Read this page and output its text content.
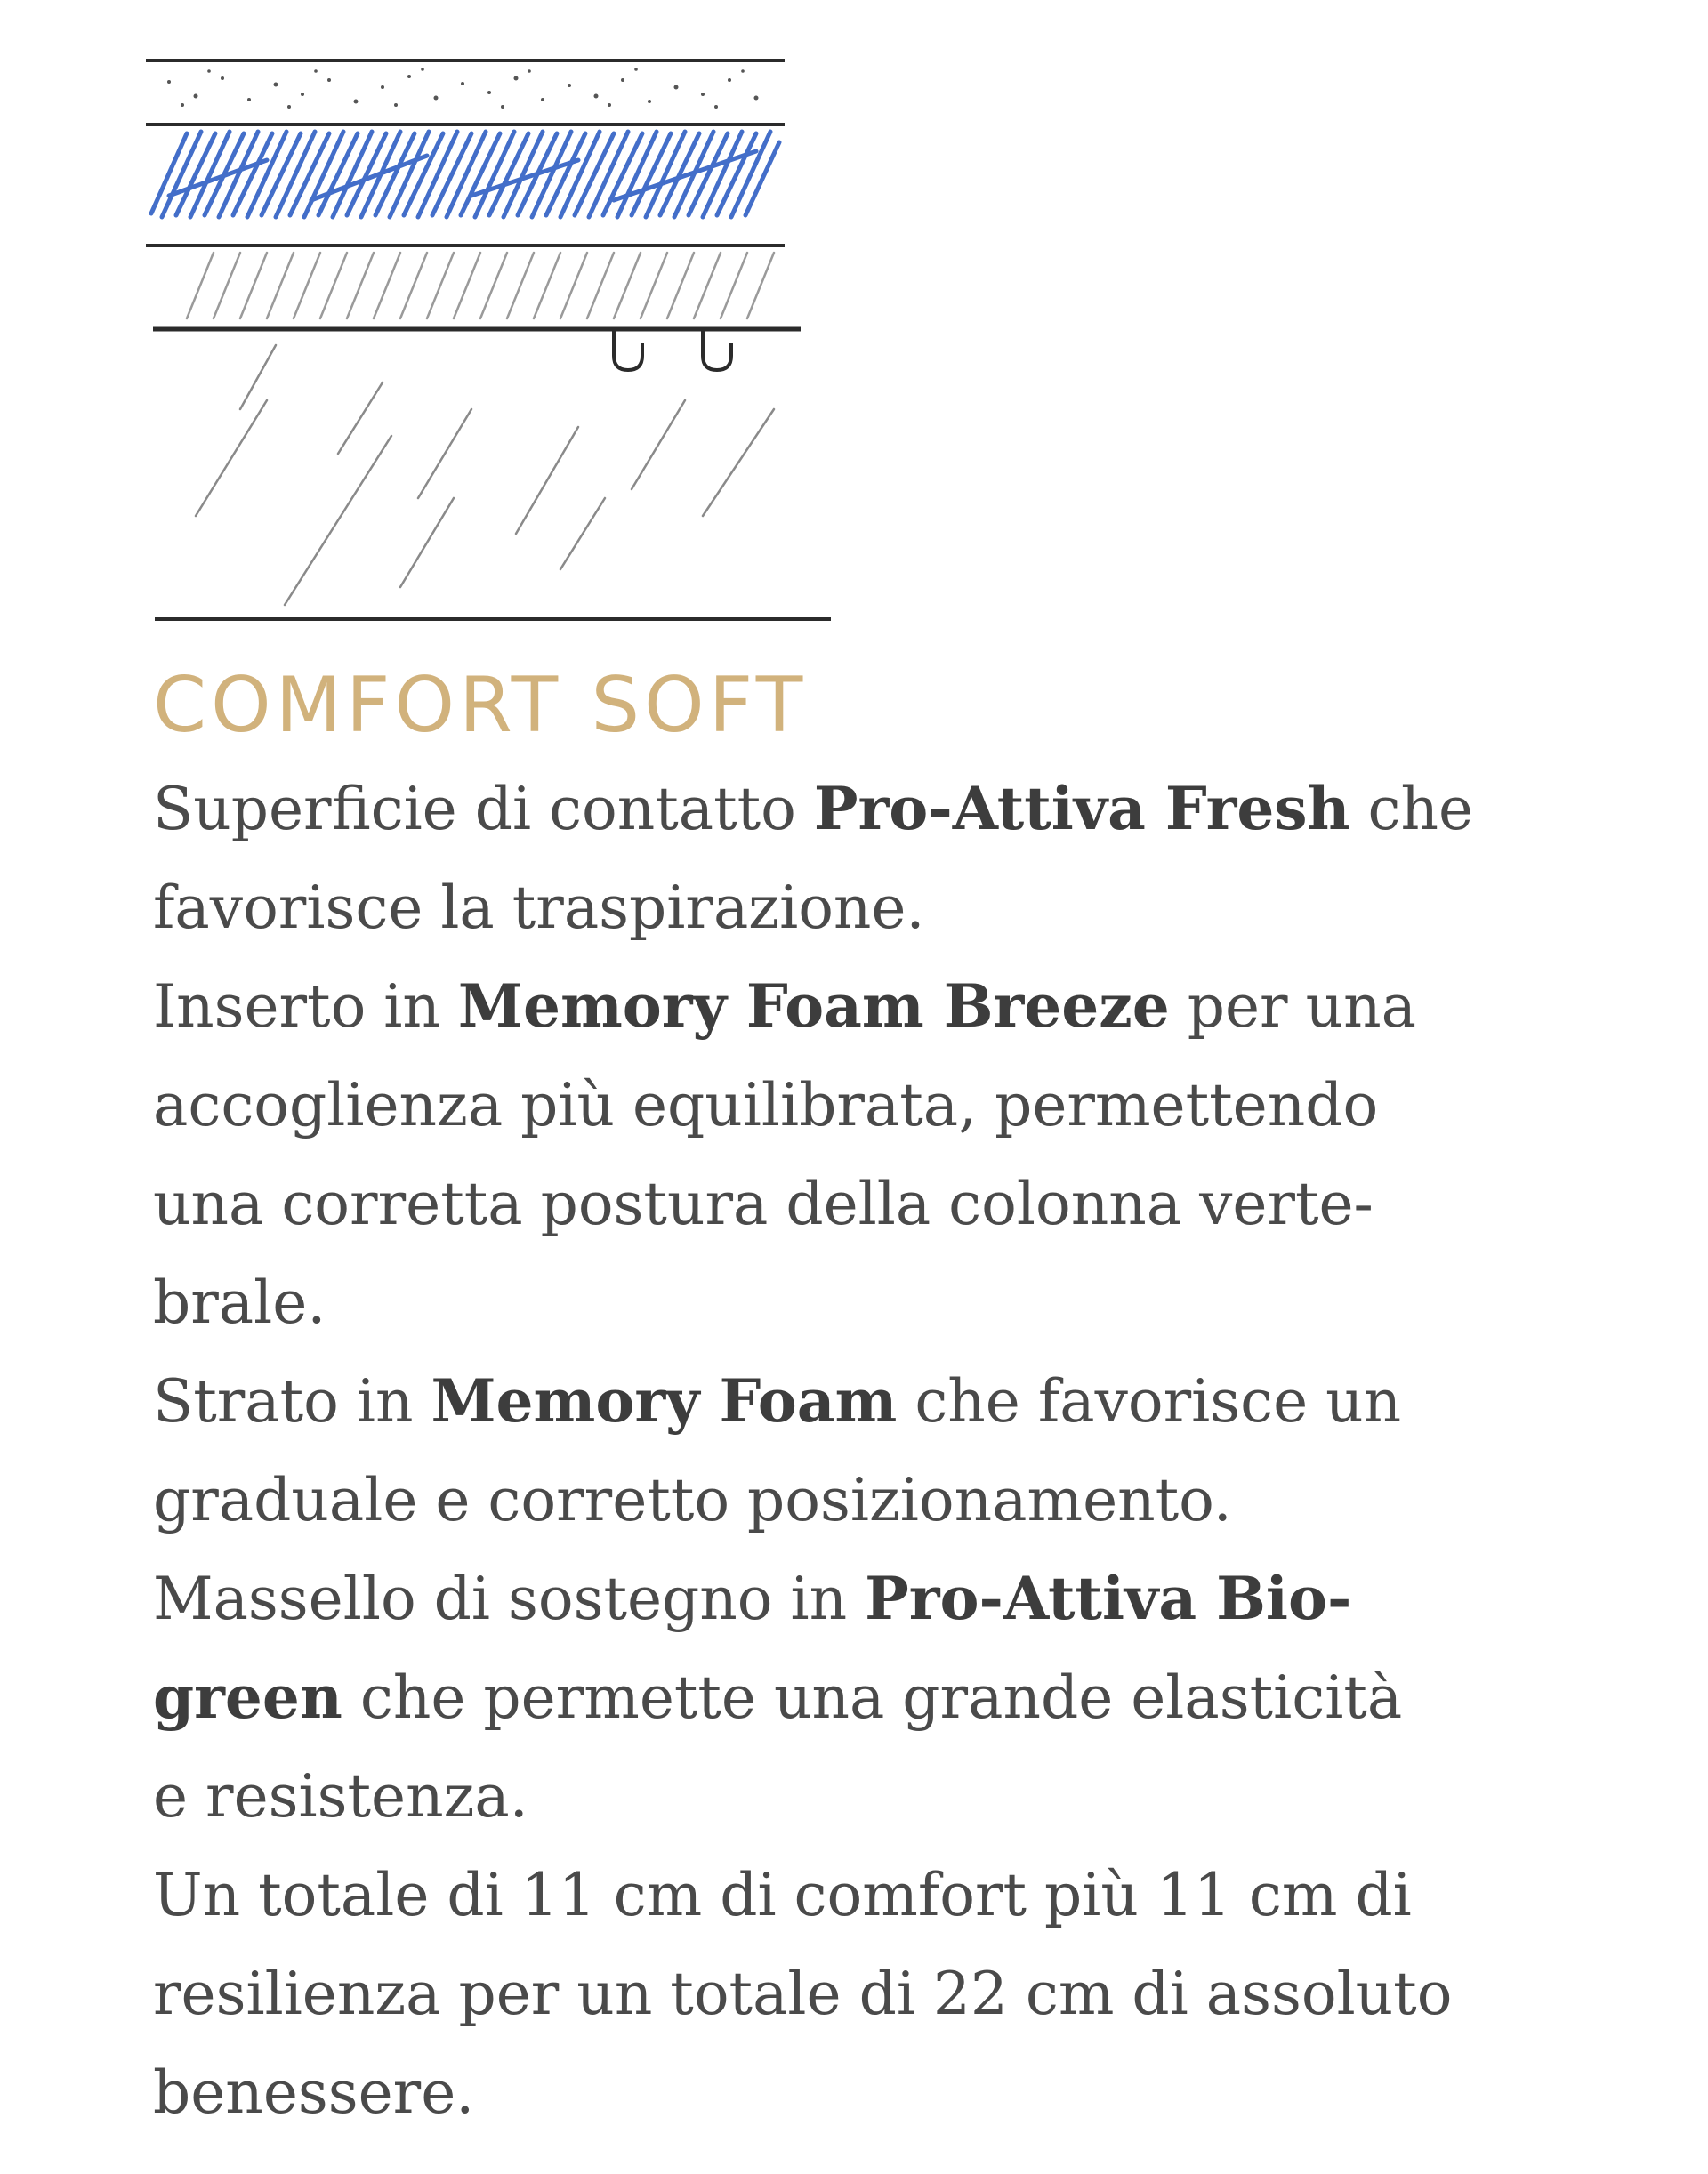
COMFORT SOFT

Superficie di contatto Pro-Attiva Fresh che
favorisce la traspirazione.

Inserto in Memory Foam Breeze per una
accoglienza più equilibrata, permettendo
una corretta postura della colonna verte-
brale.

Strato in Memory Foam che favorisce un
graduale e corretto posizionamento.

Massello di sostegno in Pro-Attiva Bio-
green che permette una grande elasticità
e resistenza.

Un totale di 11 cm di comfort più 11 cm di
resilienza per un totale di 22 cm di assoluto
benessere.
